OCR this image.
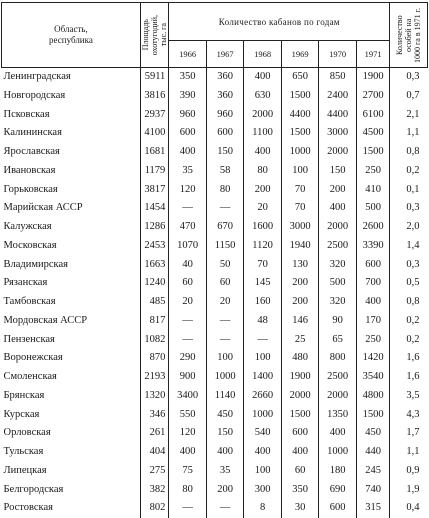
Область,
республика	Площадь
охотугодий,
тыс. га	Количество кабанов по годам						Количество
особей на
1000 га в 1971 г.

		1966	1967	1968	1969	1970	1971	
Ленинградская	5911	350	360	400	650	850	1900	0,3
Новгородская	3816	390	360	630	1500	2400	2700	0,7
Псковская	2937	960	960	2000	4400	4400	6100	2,1
Калининская	4100	600	600	1100	1500	3000	4500	1,1
Ярославская	1681	400	150	400	1000	2000	1500	0,8
Ивановская	1179	35	58	80	100	150	250	0,2
Горьковская	3817	120	80	200	70	200	410	0,1
Марийская АССР	1454	—	—	20	70	400	500	0,3
Калужская	1286	470	670	1600	3000	2000	2600	2,0
Московская	2453	1070	1150	1120	1940	2500	3390	1,4
Владимирская	1663	40	50	70	130	320	600	0,3
Рязанская	1240	60	60	145	200	500	700	0,5
Тамбовская	485	20	20	160	200	320	400	0,8
Мордовская АССР	817	—	—	48	146	90	170	0,2
Пензенская	1082	—	—	—	25	65	250	0,2
Воронежская	870	290	100	100	480	800	1420	1,6
Смоленская	2193	900	1000	1400	1900	2500	3540	1,6
Брянская	1320	3400	1140	2660	2000	2000	4800	3,5
Курская	346	550	450	1000	1500	1350	1500	4,3
Орловская	261	120	150	540	600	400	450	1,7
Тульская	404	400	400	400	400	1000	440	1,1
Липецкая	275	75	35	100	60	180	245	0,9
Белгородская	382	80	200	300	350	690	740	1,9
Ростовская	802	—	—	8	30	600	315	0,4
